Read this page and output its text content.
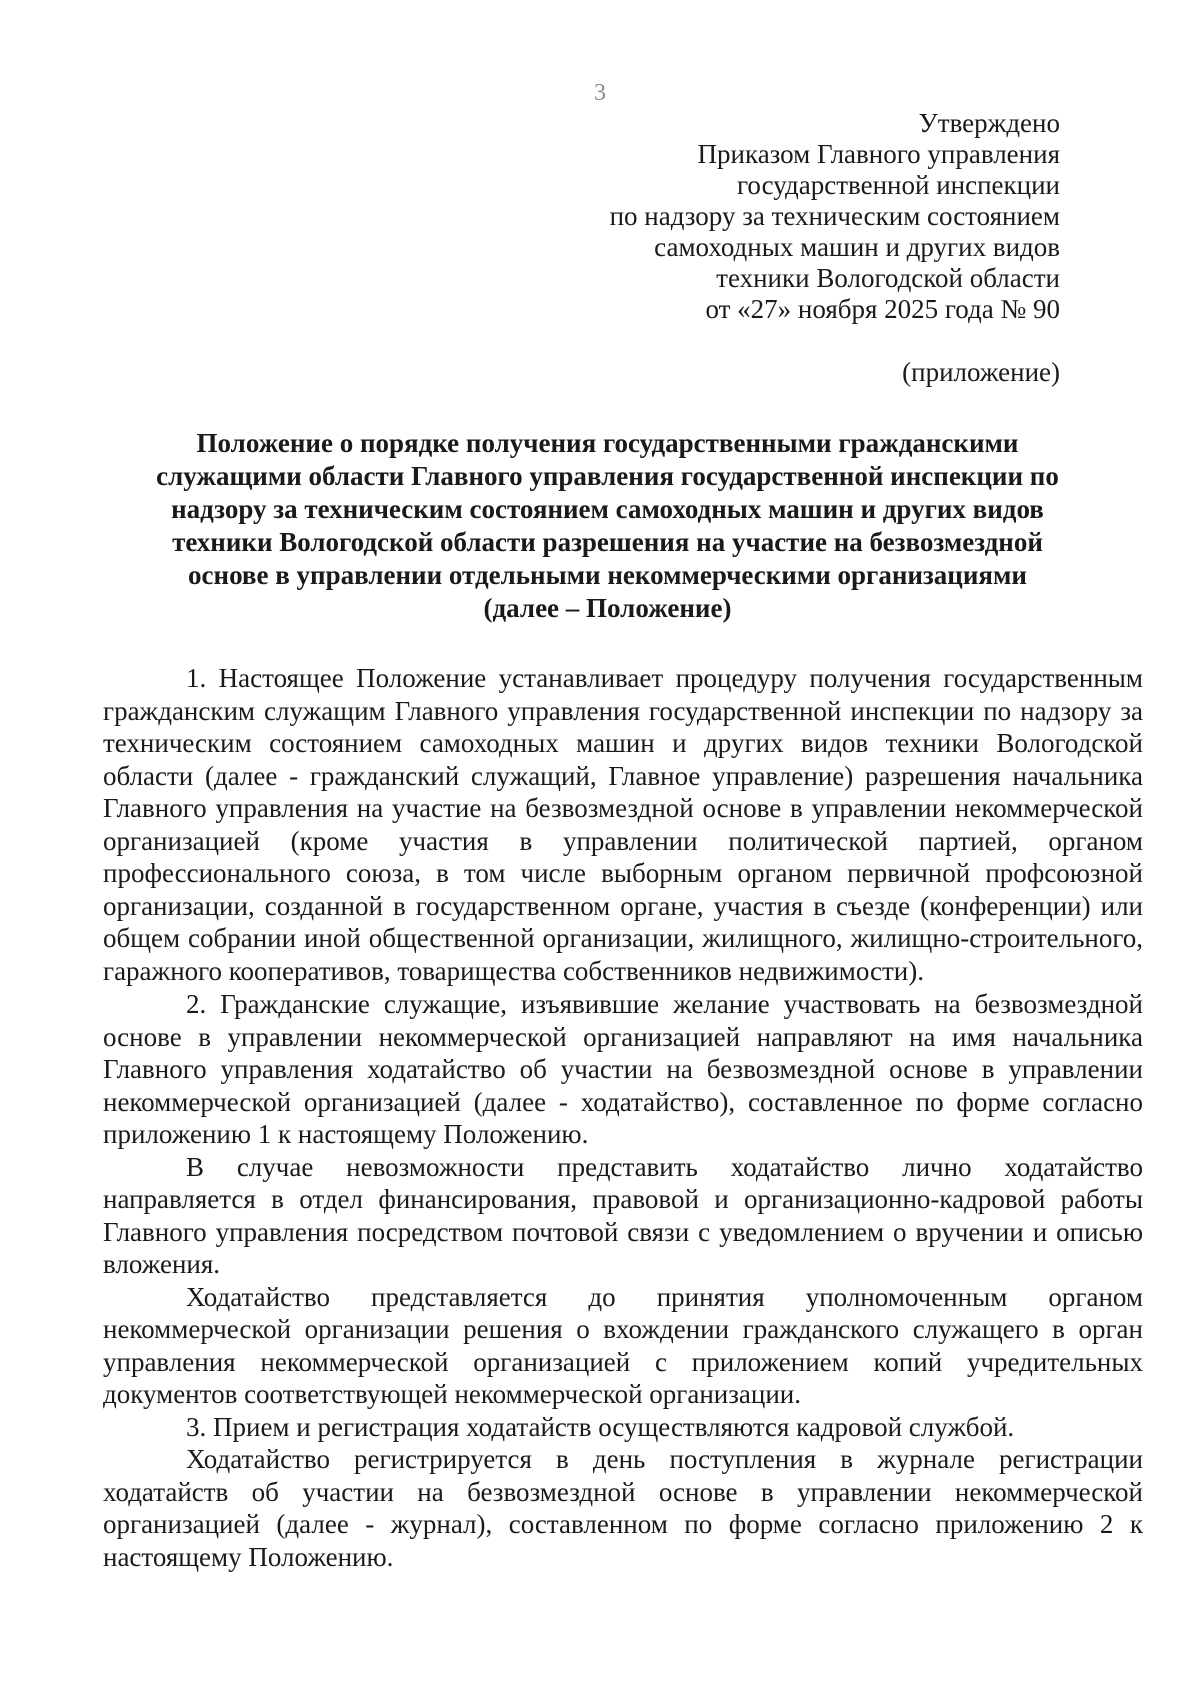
3
Утверждено
Приказом Главного управления
государственной инспекции
по надзору за техническим состоянием
самоходных машин и других видов
техники Вологодской области
от «27» ноября 2025 года № 90
(приложение)
Положение о порядке получения государственными гражданскими
служащими области Главного управления государственной инспекции по
надзору за техническим состоянием самоходных машин и других видов
техники Вологодской области разрешения на участие на безвозмездной
основе в управлении отдельными некоммерческими организациями
(далее – Положение)

1. Настоящее Положение устанавливает процедуру получения государственным гражданским служащим Главного управления государственной инспекции по надзору за техническим состоянием самоходных машин и других видов техники Вологодской области (далее - гражданский служащий, Главное управление) разрешения начальника Главного управления на участие на безвозмездной основе в управлении некоммерческой организацией (кроме участия в управлении политической партией, органом профессионального союза, в том числе выборным органом первичной профсоюзной организации, созданной в государственном органе, участия в съезде (конференции) или общем собрании иной общественной организации, жилищного, жилищно-строительного, гаражного кооперативов, товарищества собственников недвижимости).

2. Гражданские служащие, изъявившие желание участвовать на безвозмездной основе в управлении некоммерческой организацией направляют на имя начальника Главного управления ходатайство об участии на безвозмездной основе в управлении некоммерческой организацией (далее - ходатайство), составленное по форме согласно приложению 1 к настоящему Положению.

В случае невозможности представить ходатайство лично ходатайство направляется в отдел финансирования, правовой и организационно-кадровой работы Главного управления посредством почтовой связи с уведомлением о вручении и описью вложения.

Ходатайство представляется до принятия уполномоченным органом некоммерческой организации решения о вхождении гражданского служащего в орган управления некоммерческой организацией с приложением копий учредительных документов соответствующей некоммерческой организации.

3. Прием и регистрация ходатайств осуществляются кадровой службой.

Ходатайство регистрируется в день поступления в журнале регистрации ходатайств об участии на безвозмездной основе в управлении некоммерческой организацией (далее - журнал), составленном по форме согласно приложению 2 к настоящему Положению.
